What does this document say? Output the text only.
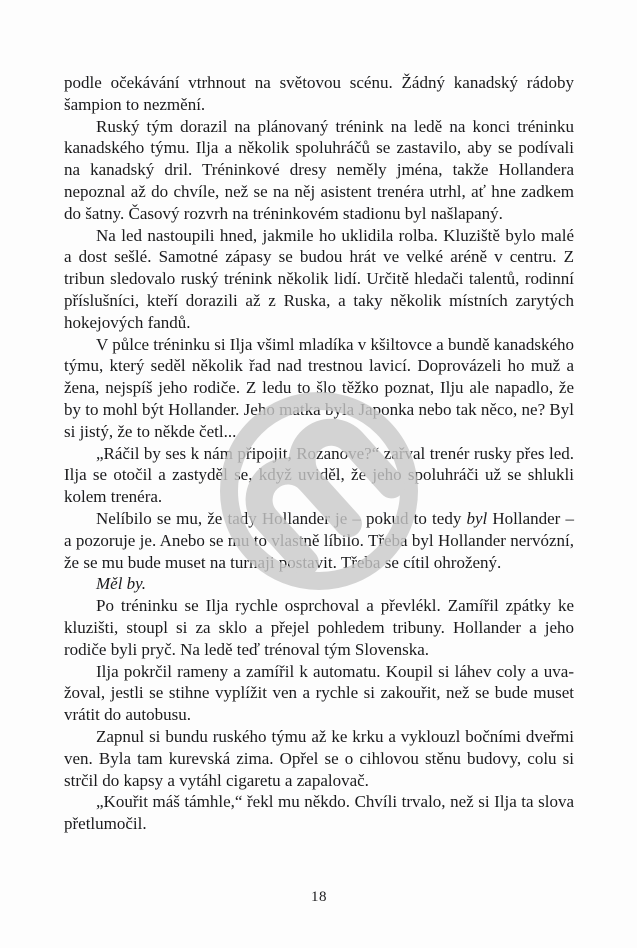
podle očekávání vtrhnout na světovou scénu. Žádný kanadský rádoby šampion to nezmění.

Ruský tým dorazil na plánovaný trénink na ledě na konci tréninku kanadského týmu. Ilja a několik spoluhráčů se zastavilo, aby se podívali na kanadský dril. Tréninkové dresy neměly jména, takže Hollandera nepoznal až do chvíle, než se na něj asistent trenéra utrhl, ať hne zadkem do šatny. Časový rozvrh na tréninkovém stadionu byl našlapaný.

Na led nastoupili hned, jakmile ho uklidila rolba. Kluziště bylo malé a dost sešlé. Samotné zápasy se budou hrát ve velké aréně v centru. Z tribun sledovalo ruský trénink několik lidí. Určitě hledači talentů, rodinní příslušníci, kteří dorazili až z Ruska, a taky několik místních zarytých hokejových fandů.

V půlce tréninku si Ilja všiml mladíka v kšiltovce a bundě kanadského týmu, který seděl několik řad nad trestnou lavicí. Doprovázeli ho muž a žena, nejspíš jeho rodiče. Z ledu to šlo těžko poznat, Ilju ale napadlo, že by to mohl být Hollander. Jeho matka byla Japonka nebo tak něco, ne? Byl si jistý, že to někde četl...

„Ráčil by ses k nám připojit, Rozanove?“ zařval trenér rusky přes led. Ilja se otočil a zastyděl se, když uviděl, že jeho spoluhráči už se shlukli kolem trenéra.

Nelíbilo se mu, že tady Hollander je – pokud to tedy byl Hollander – a pozoruje je. Anebo se mu to vlastně líbilo. Třeba byl Hollander nervózní, že se mu bude muset na turnaji postavit. Třeba se cítil ohrožený.

Měl by.

Po tréninku se Ilja rychle osprchoval a převlékl. Zamířil zpátky ke kluzišti, stoupl si za sklo a přejel pohledem tribuny. Hollander a jeho rodiče byli pryč. Na ledě teď trénoval tým Slovenska.

Ilja pokrčil rameny a zamířil k automatu. Koupil si láhev coly a uvažoval, jestli se stihne vyplížit ven a rychle si zakouřit, než se bude muset vrátit do autobusu.

Zapnul si bundu ruského týmu až ke krku a vyklouzl bočními dveřmi ven. Byla tam kurevská zima. Opřel se o cihlovou stěnu budovy, colu si strčil do kapsy a vytáhl cigaretu a zapalovač.

„Kouřit máš támhle,“ řekl mu někdo. Chvíli trvalo, než si Ilja ta slova přetlumočil.

18
